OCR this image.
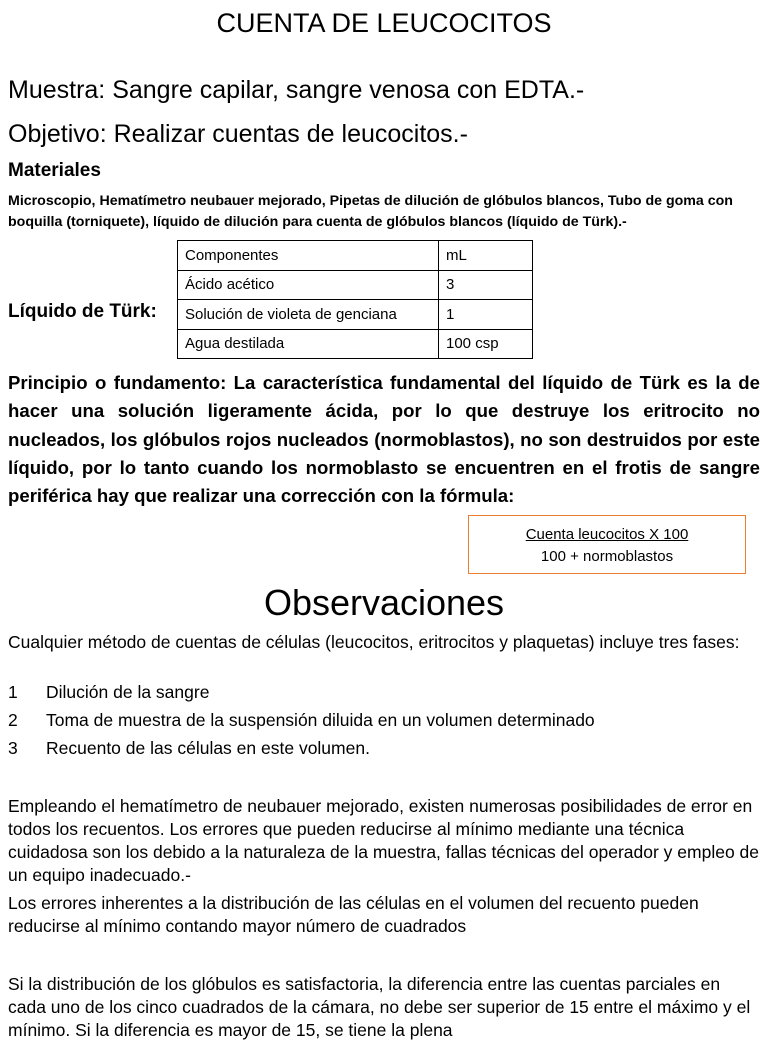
CUENTA DE LEUCOCITOS
Muestra: Sangre capilar, sangre venosa con EDTA.-
Objetivo: Realizar cuentas de leucocitos.-
Materiales
Microscopio, Hematímetro neubauer mejorado, Pipetas de dilución de glóbulos blancos, Tubo de goma con boquilla (torniquete), líquido de dilución para cuenta de glóbulos blancos (líquido de Türk).-
Líquido de Türk:
Componentes	mL
Ácido acético	3
Solución de violeta de genciana	1
Agua destilada	100 csp
Principio o fundamento: La característica fundamental del líquido de Türk es la de hacer una solución ligeramente ácida, por lo que destruye los eritrocito no nucleados, los glóbulos rojos nucleados (normoblastos), no son destruidos por este líquido, por lo tanto cuando los normoblasto se encuentren en el frotis de sangre periférica hay que realizar una corrección con la fórmula:
Cuenta leucocitos X 100
100 + normoblastos
Observaciones
Cualquier método de cuentas de células (leucocitos, eritrocitos y plaquetas) incluye tres fases:
1 Dilución de la sangre
2 Toma de muestra de la suspensión diluida en un volumen determinado
3 Recuento de las células en este volumen.
Empleando el hematímetro de neubauer mejorado, existen numerosas posibilidades de error en todos los recuentos. Los errores que pueden reducirse al mínimo mediante una técnica cuidadosa son los debido a la naturaleza de la muestra, fallas técnicas del operador y empleo de un equipo inadecuado.-
Los errores inherentes a la distribución de las células en el volumen del recuento pueden reducirse al mínimo contando mayor número de cuadrados
Si la distribución de los glóbulos es satisfactoria, la diferencia entre las cuentas parciales en cada uno de los cinco cuadrados de la cámara, no debe ser superior de 15 entre el máximo y el mínimo. Si la diferencia es mayor de 15, se tiene la plena
